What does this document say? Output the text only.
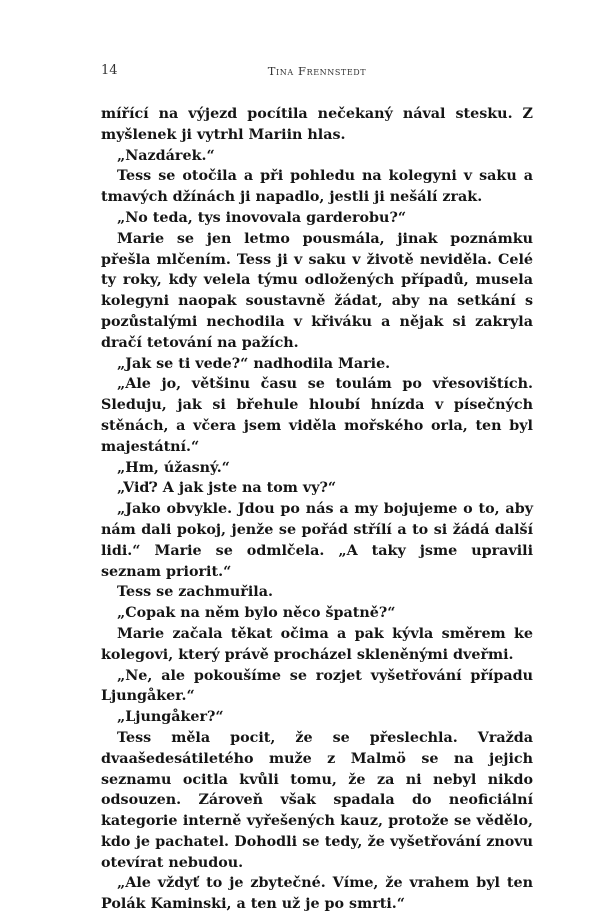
14	Tina Frennstedt

mířící na výjezd pocítila nečekaný nával stesku. Z myšlenek ji vytrhl Mariin hlas.

„Nazdárek.“

Tess se otočila a při pohledu na kolegyni v saku a tmavých džínách ji napadlo, jestli ji nešálí zrak.

„No teda, tys inovovala garderobu?“

Marie se jen letmo pousmála, jinak poznámku přešla mlčením. Tess ji v saku v životě neviděla. Celé ty roky, kdy velela týmu odložených případů, musela kolegyni naopak soustavně žádat, aby na setkání s pozůstalými nechodila v křiváku a nějak si zakryla dračí tetování na pažích.

„Jak se ti vede?“ nadhodila Marie.

„Ale jo, většinu času se toulám po vřesovištích. Sleduju, jak si břehule hloubí hnízda v písečných stěnách, a včera jsem viděla mořského orla, ten byl majestátní.“

„Hm, úžasný.“

„Viď? A jak jste na tom vy?“

„Jako obvykle. Jdou po nás a my bojujeme o to, aby nám dali pokoj, jenže se pořád střílí a to si žádá další lidi.“ Marie se odmlčela. „A taky jsme upravili seznam priorit.“

Tess se zachmuřila.

„Copak na něm bylo něco špatně?“

Marie začala těkat očima a pak kývla směrem ke kolegovi, který právě procházel skleněnými dveřmi.

„Ne, ale pokoušíme se rozjet vyšetřování případu Ljungåker.“

„Ljungåker?“

Tess měla pocit, že se přeslechla. Vražda dvaašedesátiletého muže z Malmö se na jejich seznamu ocitla kvůli tomu, že za ni nebyl nikdo odsouzen. Zároveň však spadala do neoficiální kategorie interně vyřešených kauz, protože se vědělo, kdo je pachatel. Dohodli se tedy, že vyšetřování znovu otevírat nebudou.

„Ale vždyť to je zbytečné. Víme, že vrahem byl ten Polák Kaminski, a ten už je po smrti.“
